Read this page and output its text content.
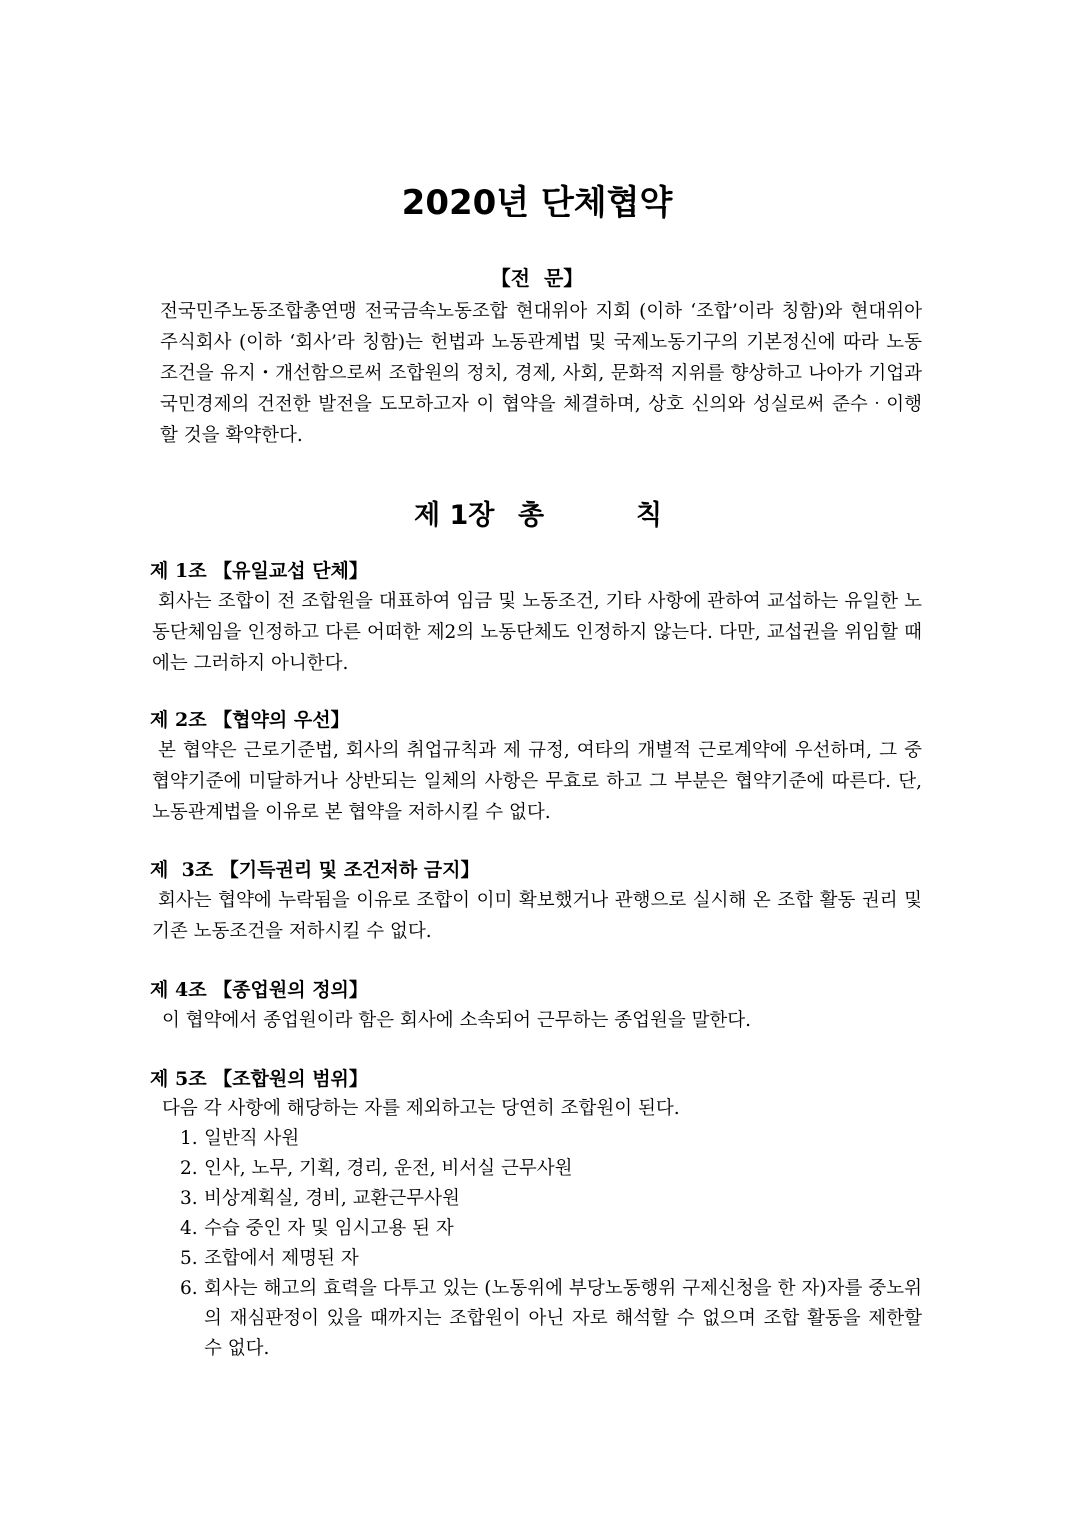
2020년 단체협약
【전  문】

전국민주노동조합총연맹 전국금속노동조합 현대위아 지회 (이하 ‘조합’이라 칭함)와 현대위아 주식회사 (이하 ‘회사’라 칭함)는 헌법과 노동관계법 및 국제노동기구의 기본정신에 따라 노동조건을 유지・개선함으로써 조합원의 정치, 경제, 사회, 문화적 지위를 향상하고 나아가 기업과 국민경제의 건전한 발전을 도모하고자 이 협약을 체결하며, 상호 신의와 성실로써 준수‧이행할 것을 확약한다.

제 1장 총	칙

제 1조 【유일교섭 단체】

회사는 조합이 전 조합원을 대표하여 임금 및 노동조건, 기타 사항에 관하여 교섭하는 유일한 노동단체임을 인정하고 다른 어떠한 제2의 노동단체도 인정하지 않는다. 다만, 교섭권을 위임할 때에는 그러하지 아니한다.

제 2조 【협약의 우선】

본 협약은 근로기준법, 회사의 취업규칙과 제 규정, 여타의 개별적 근로계약에 우선하며, 그 중 협약기준에 미달하거나 상반되는 일체의 사항은 무효로 하고 그 부분은 협약기준에 따른다. 단, 노동관계법을 이유로 본 협약을 저하시킬 수 없다.

제  3조 【기득권리 및 조건저하 금지】

회사는 협약에 누락됨을 이유로 조합이 이미 확보했거나 관행으로 실시해 온 조합 활동 권리 및 기존 노동조건을 저하시킬 수 없다.

제 4조 【종업원의 정의】

이 협약에서 종업원이라 함은 회사에 소속되어 근무하는 종업원을 말한다.

제 5조 【조합원의 범위】

다음 각 사항에 해당하는 자를 제외하고는 당연히 조합원이 된다.

1. 일반직 사원
2. 인사, 노무, 기획, 경리, 운전, 비서실 근무사원
3. 비상계획실, 경비, 교환근무사원
4. 수습 중인 자 및 임시고용 된 자
5. 조합에서 제명된 자
6. 회사는 해고의 효력을 다투고 있는 (노동위에 부당노동행위 구제신청을 한 자)자를 중노위의 재심판정이 있을 때까지는 조합원이 아닌 자로 해석할 수 없으며 조합 활동을 제한할 수 없다.
